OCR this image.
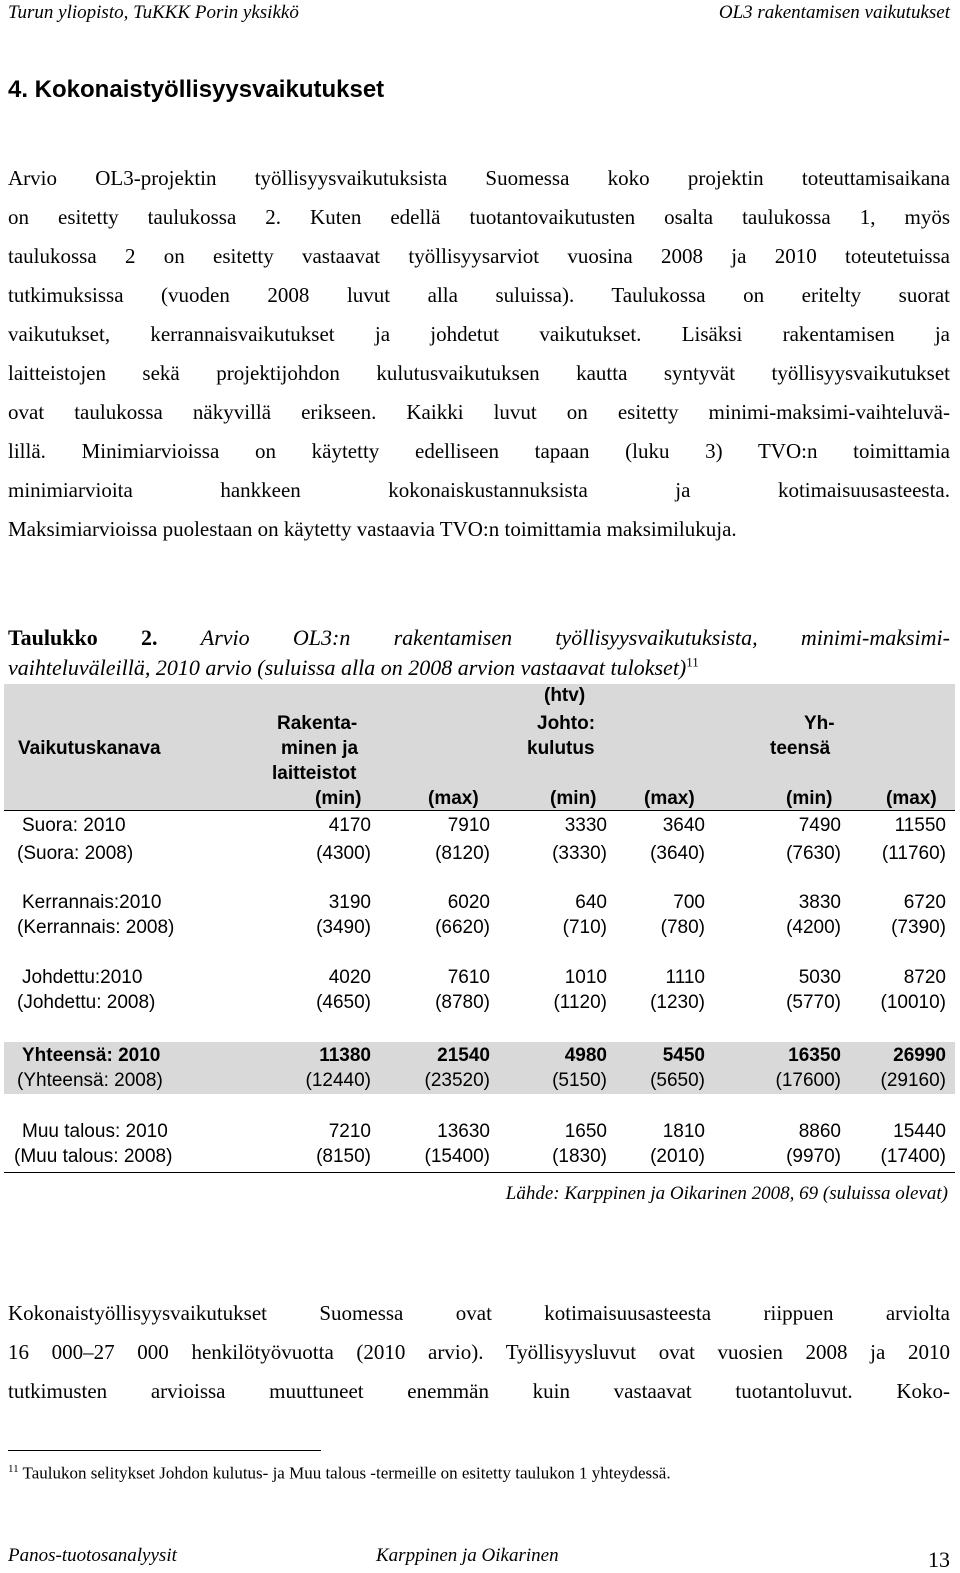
Turun yliopisto, TuKKK Porin yksikkö	OL3 rakentamisen vaikutukset
4. Kokonaistyöllisyysvaikutukset
Arvio OL3-projektin työllisyysvaikutuksista Suomessa koko projektin toteuttamisaikana
on esitetty taulukossa 2. Kuten edellä tuotantovaikutusten osalta taulukossa 1, myös
taulukossa 2 on esitetty vastaavat työllisyysarviot vuosina 2008 ja 2010 toteutetuissa
tutkimuksissa (vuoden 2008 luvut alla suluissa). Taulukossa on eritelty suorat
vaikutukset, kerrannaisvaikutukset ja johdetut vaikutukset. Lisäksi rakentamisen ja
laitteistojen sekä projektijohdon kulutusvaikutuksen kautta syntyvät työllisyysvaikutukset
ovat taulukossa näkyvillä erikseen. Kaikki luvut on esitetty minimi-maksimi-vaihteluvä-
lillä. Minimiarvioissa on käytetty edelliseen tapaan (luku 3) TVO:n toimittamia
minimiarvioita hankkeen kokonaiskustannuksista ja kotimaisuusasteesta.
Maksimiarvioissa puolestaan on käytetty vastaavia TVO:n toimittamia maksimilukuja.
Taulukko 2. Arvio OL3:n rakentamisen työllisyysvaikutuksista, minimi-maksimi-
vaihteluväleillä, 2010 arvio (suluissa alla on 2008 arvion vastaavat tulokset)$^{11}$
(htv)
Vaikutuskanava
Rakenta-
minen ja
laitteistot
Johto:
kulutus
Yh-
teensä
(min)	(max)	(min)	(max)	(min)	(max)
Suora: 2010	4170	7910	3330	3640	7490	11550
(Suora: 2008)	(4300)	(8120)	(3330) (3640)	(7630) (11760)
Kerrannais:2010	3190	6020	640	700	3830	6720
(Kerrannais: 2008)	(3490)	(6620)	(710)	(780)	(4200)	(7390)
Johdettu:2010	4020	7610	1010	1110	5030	8720
(Johdettu: 2008)	(4650)	(8780)	(1120) (1230)	(5770) (10010)
Yhteensä: 2010	11380	21540	4980	5450	16350	26990
(Yhteensä: 2008)	(12440)	(23520)	(5150) (5650)	(17600) (29160)
Muu talous: 2010	7210	13630	1650	1810	8860	15440
(Muu talous: 2008)	(8150)	(15400)	(1830) (2010)	(9970) (17400)
Lähde: Karppinen ja Oikarinen 2008, 69 (suluissa olevat)
Kokonaistyöllisyysvaikutukset Suomessa ovat kotimaisuusasteesta riippuen arviolta
16 000–27 000 henkilötyövuotta (2010 arvio). Työllisyysluvut ovat vuosien 2008 ja 2010
tutkimusten arvioissa muuttuneet enemmän kuin vastaavat tuotantoluvut. Koko-
$^{11}$ Taulukon selitykset Johdon kulutus- ja Muu talous -termeille on esitetty taulukon 1 yhteydessä.
Panos-tuotosanalyysit	Karppinen ja Oikarinen	13
